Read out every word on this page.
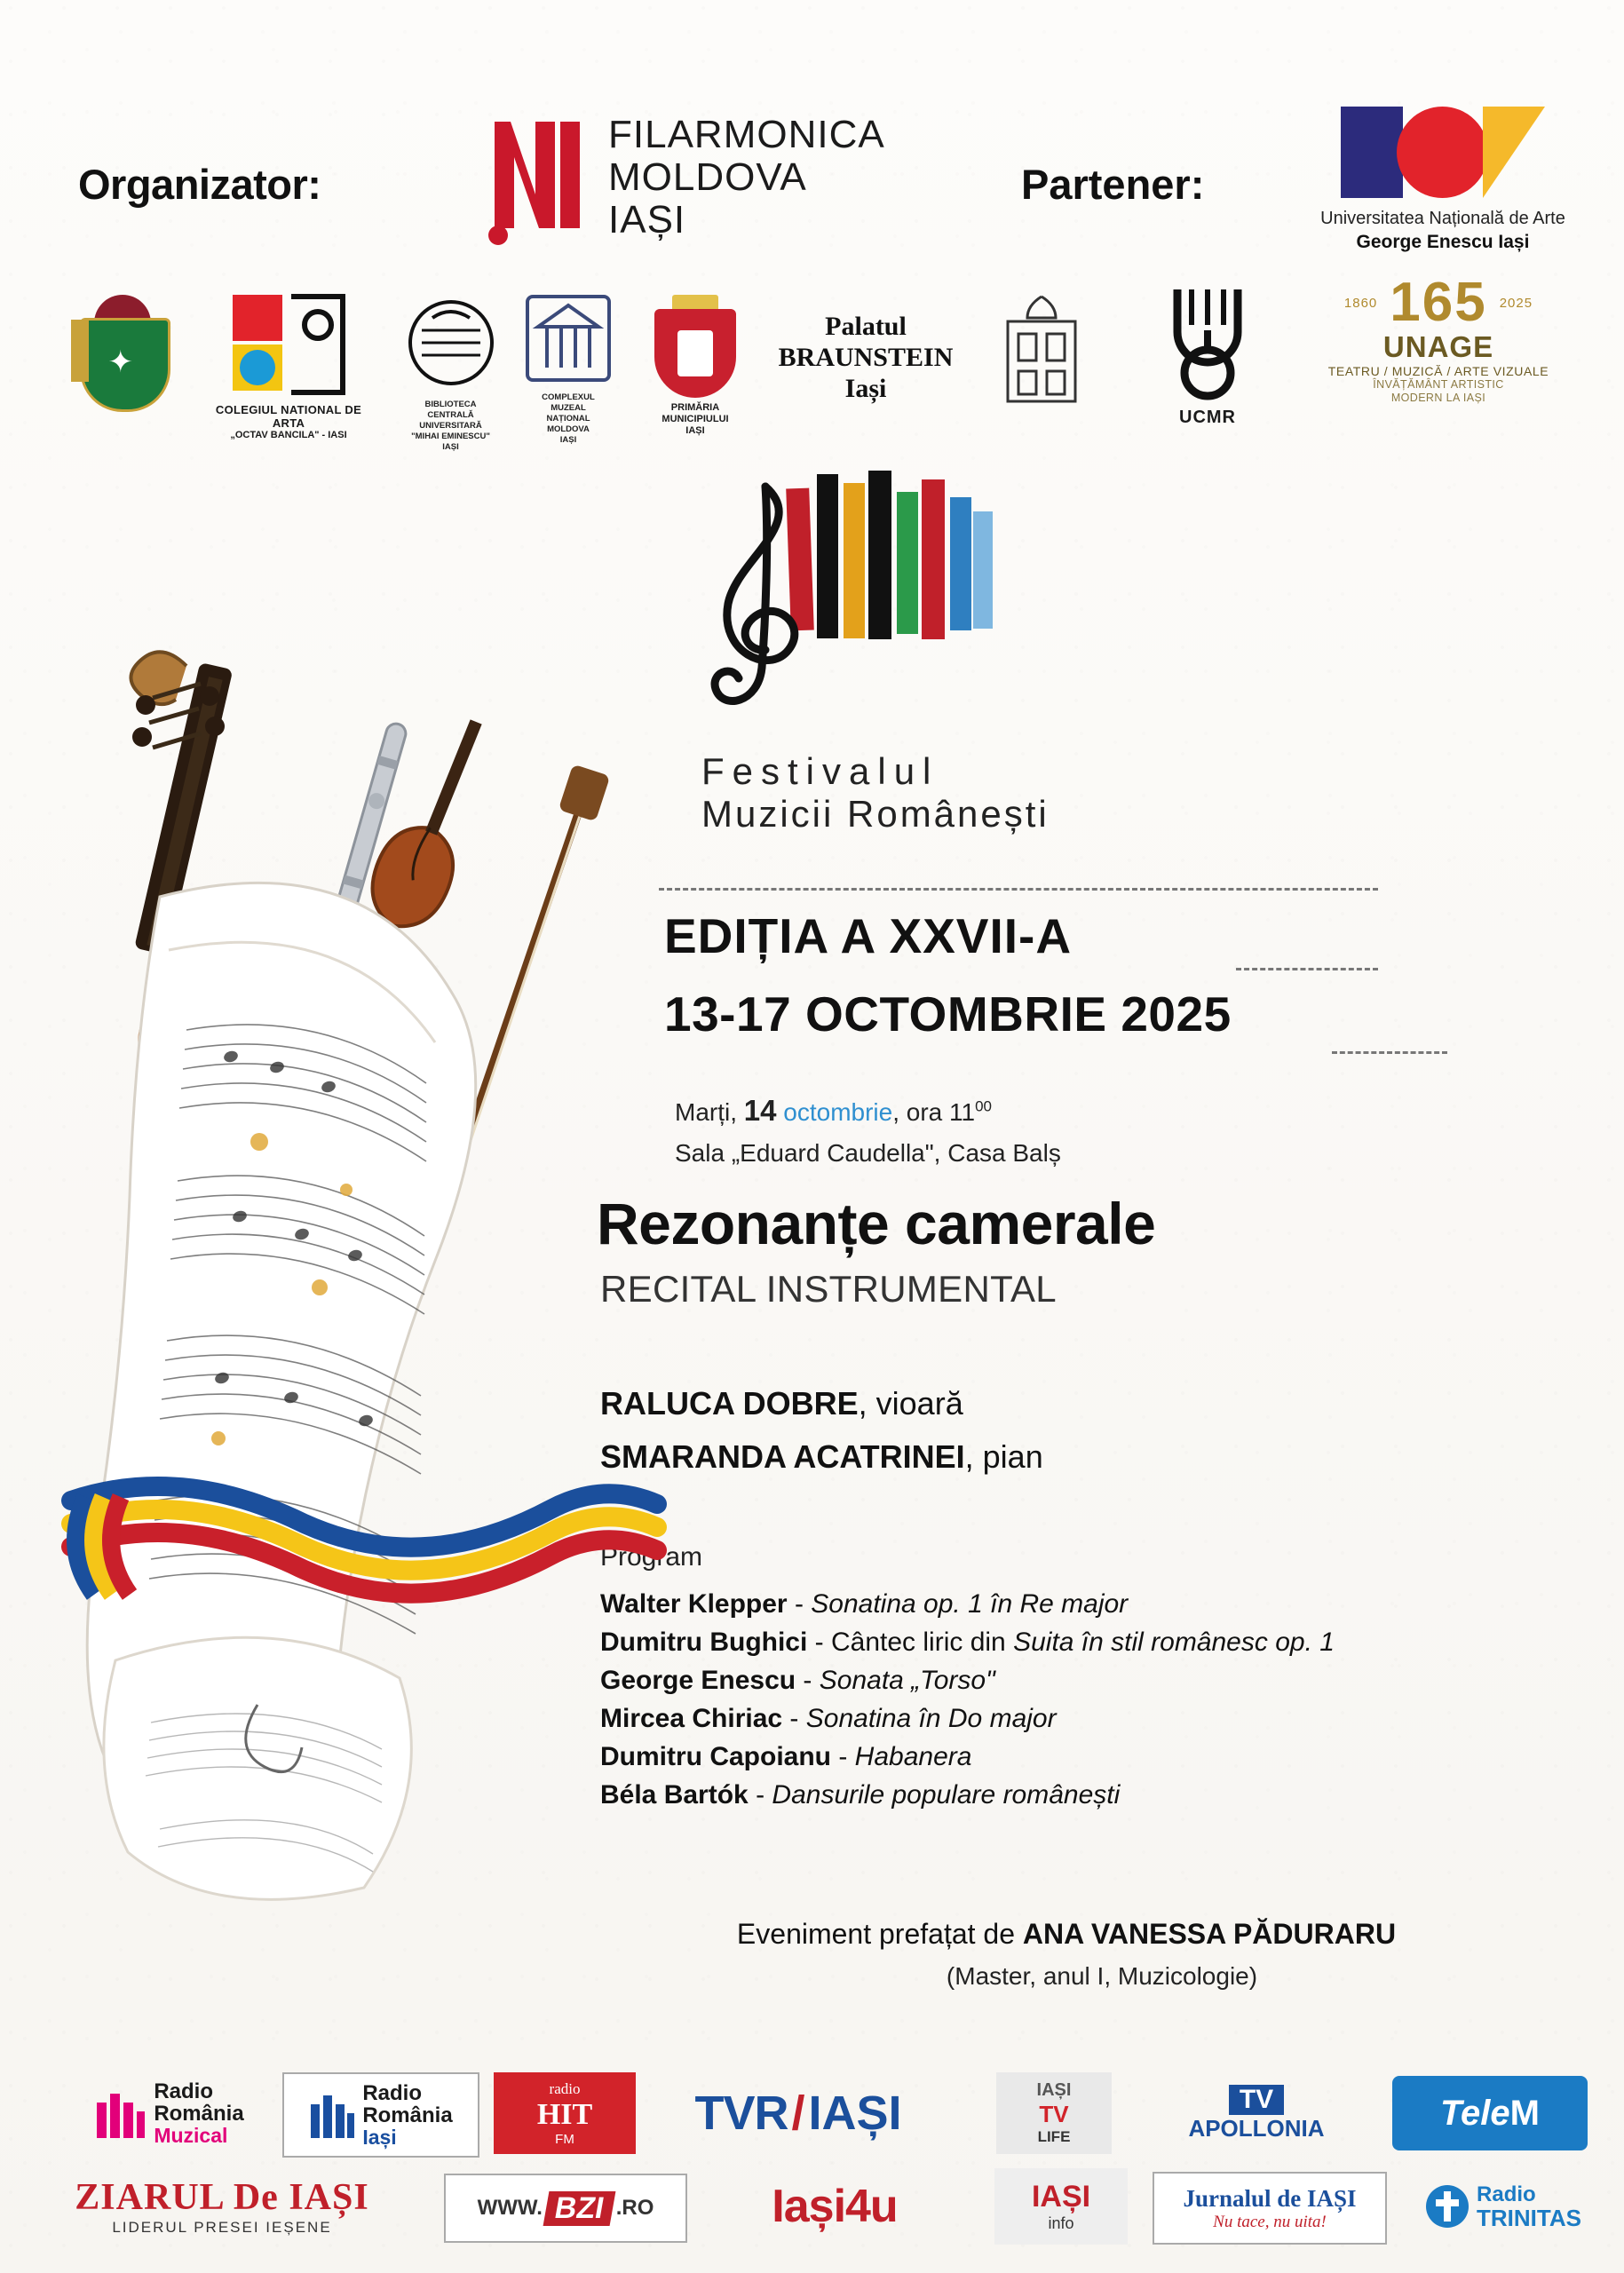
Organizator:
FILARMONICA
MOLDOVA
IAȘI
Partener:
Universitatea Națională de Arte
George Enescu Iași
✦
COLEGIUL NATIONAL DE ARTA
„OCTAV BANCILA" - IASI
BIBLIOTECA
CENTRALĂ
UNIVERSITARĂ
"MIHAI EMINESCU"
IAȘI
COMPLEXUL
MUZEAL
NAȚIONAL
MOLDOVA
IAȘI
PRIMĂRIA
MUNICIPIULUI
IAȘI
Palatul
BRAUNSTEIN
Iași
UCMR
1860 165 2025
UNAGE
TEATRU / MUZICĂ / ARTE VIZUALE
ÎNVĂȚĂMÂNT ARTISTIC
MODERN LA IAȘI
Festivalul
Muzicii Românești
EDIȚIA A XXVII-A
13-17 OCTOMBRIE 2025
Marți, 14 octombrie, ora $11^{00}$
Sala „Eduard Caudella", Casa Balș
Rezonanțe camerale
RECITAL INSTRUMENTAL
RALUCA DOBRE, vioară
SMARANDA ACATRINEI, pian
Program
Walter Klepper - Sonatina op. 1 în Re major
Dumitru Bughici - Cântec liric din Suita în stil românesc op. 1
George Enescu - Sonata „Torso"
Mircea Chiriac - Sonatina în Do major
Dumitru Capoianu - Habanera
Béla Bartók - Dansurile populare românești
Eveniment prefațat de ANA VANESSA PĂDURARU
(Master, anul I, Muzicologie)
Radio
România
Muzical
Radio
România
Iași
radio
HIT
FM	TVR / IAȘI	IAȘI
TV
LIFE
TV
APOLLONIA	Tele M
ZIARUL De IAȘI
LIDERUL PRESEI IEȘENE
WWW. BZI .RO	Iași4u	IAȘI
info
Jurnalul de IAȘI
Nu tace, nu uita!
Radio
TRINITAS
